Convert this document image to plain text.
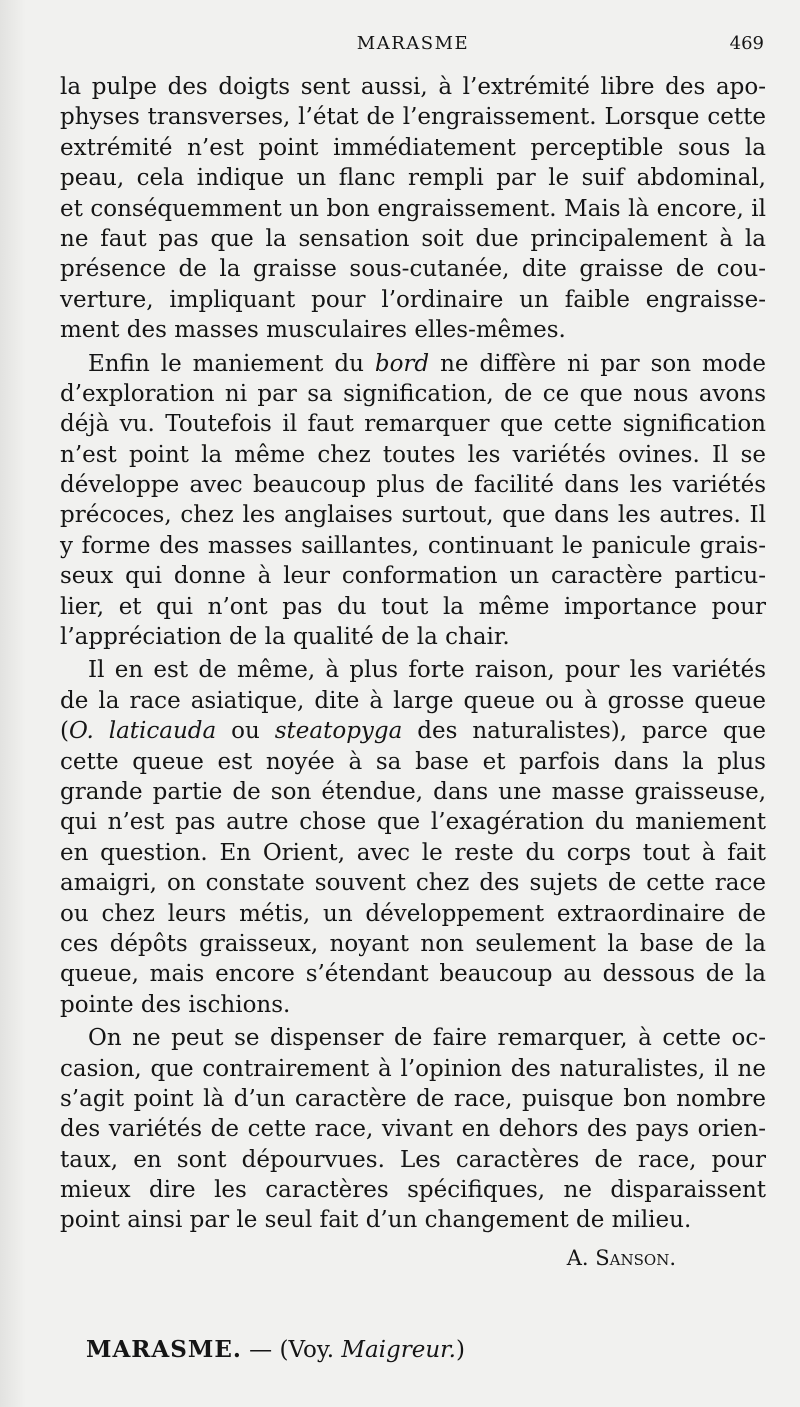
MARASME	469
la pulpe des doigts sent aussi, à l’extrémité libre des apo-
physes transverses, l’état de l’engraissement. Lorsque cette
extrémité n’est point immédiatement perceptible sous la
peau, cela indique un flanc rempli par le suif abdominal,
et conséquemment un bon engraissement. Mais là encore, il
ne faut pas que la sensation soit due principalement à la
présence de la graisse sous-cutanée, dite graisse de cou-
verture, impliquant pour l’ordinaire un faible engraisse-
ment des masses musculaires elles-mêmes.
Enfin le maniement du bord ne diffère ni par son mode
d’exploration ni par sa signification, de ce que nous avons
déjà vu. Toutefois il faut remarquer que cette signification
n’est point la même chez toutes les variétés ovines. Il se
développe avec beaucoup plus de facilité dans les variétés
précoces, chez les anglaises surtout, que dans les autres. Il
y forme des masses saillantes, continuant le panicule grais-
seux qui donne à leur conformation un caractère particu-
lier, et qui n’ont pas du tout la même importance pour
l’appréciation de la qualité de la chair.
Il en est de même, à plus forte raison, pour les variétés
de la race asiatique, dite à large queue ou à grosse queue
(O. laticauda ou steatopyga des naturalistes), parce que
cette queue est noyée à sa base et parfois dans la plus
grande partie de son étendue, dans une masse graisseuse,
qui n’est pas autre chose que l’exagération du maniement
en question. En Orient, avec le reste du corps tout à fait
amaigri, on constate souvent chez des sujets de cette race
ou chez leurs métis, un développement extraordinaire de
ces dépôts graisseux, noyant non seulement la base de la
queue, mais encore s’étendant beaucoup au dessous de la
pointe des ischions.
On ne peut se dispenser de faire remarquer, à cette oc-
casion, que contrairement à l’opinion des naturalistes, il ne
s’agit point là d’un caractère de race, puisque bon nombre
des variétés de cette race, vivant en dehors des pays orien-
taux, en sont dépourvues. Les caractères de race, pour
mieux dire les caractères spécifiques, ne disparaissent
point ainsi par le seul fait d’un changement de milieu.
A. SANSON.
MARASME. — (Voy. Maigreur.)
